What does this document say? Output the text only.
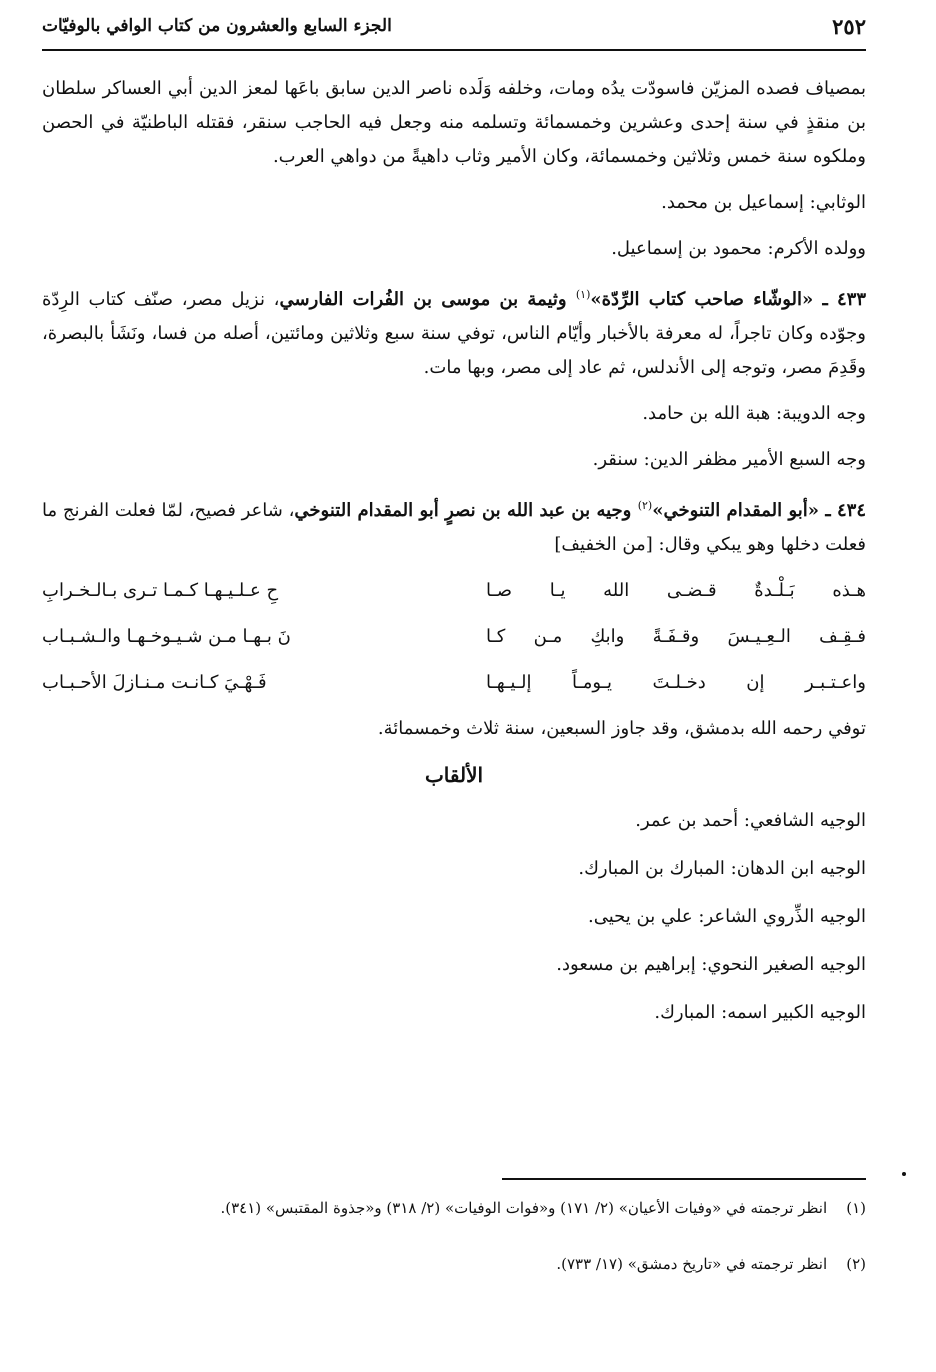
٢٥٢
الجزء السابع والعشرون من كتاب الوافي بالوفيّات

بمصياف فصده المزيّن فاسودّت يدُه ومات، وخلفه وَلَده ناصر الدين سابق باعَها لمعز الدين أبي العساكر سلطان بن منقذٍ في سنة إحدى وعشرين وخمسمائة وتسلمه منه وجعل فيه الحاجب سنقر، فقتله الباطنيّة في الحصن وملكوه سنة خمس وثلاثين وخمسمائة، وكان الأمير وثاب داهيةً من دواهي العرب.

الوثابي: إسماعيل بن محمد.

وولده الأكرم: محمود بن إسماعيل.

٤٣٣ ـ «الوشّاء صاحب كتاب الرِّدّة»$^{(١)}$ وثيمة بن موسى بن الفُرات الفارسي، نزيل مصر، صنّف كتاب الرِدّة وجوّده وكان تاجراً، له معرفة بالأخبار وأيّام الناس، توفي سنة سبع وثلاثين ومائتين، أصله من فسا، ونَشَأ بالبصرة، وقَدِمَ مصر، وتوجه إلى الأندلس، ثم عاد إلى مصر، وبها مات.

وجه الدويبة: هبة الله بن حامد.

وجه السبع الأمير مظفر الدين: سنقر.

٤٣٤ ـ «أبو المقدام التنوخي»$^{(٢)}$ وجيه بن عبد الله بن نصرٍ أبو المقدام التنوخي، شاعر فصيح، لمّا فعلت الفرنج ما فعلت دخلها وهو يبكي وقال: [من الخفيف]

هـذه بَـلْـدةٌ قـضـى الله يـا صـا
حِ عـلـيـهـا كـمـا تـرى بـالـخـرابِ
فـقِـف الـعِـيـسَ وقـفَـةً وابكِ مـن كـا
نَ بـهـا مـن شـيـوخـهـا والـشـبـاب
واعـتـبـر إن دخـلـتَ يـومـاً إلـيـهـا
فَـهْـيَ كـانـت مـنـازلَ الأحـبـاب

توفي رحمه الله بدمشق، وقد جاوز السبعين، سنة ثلاث وخمسمائة.

الألقاب

الوجيه الشافعي: أحمد بن عمر.

الوجيه ابن الدهان: المبارك بن المبارك.

الوجيه الذِّروي الشاعر: علي بن يحيى.

الوجيه الصغير النحوي: إبراهيم بن مسعود.

الوجيه الكبير اسمه: المبارك.

(١)    انظر ترجمته في «وفيات الأعيان» (٢/ ١٧١) و«فوات الوفيات» (٢/ ٣١٨) و«جذوة المقتبس» (٣٤١).
(٢)    انظر ترجمته في «تاريخ دمشق» (١٧/ ٧٣٣).
